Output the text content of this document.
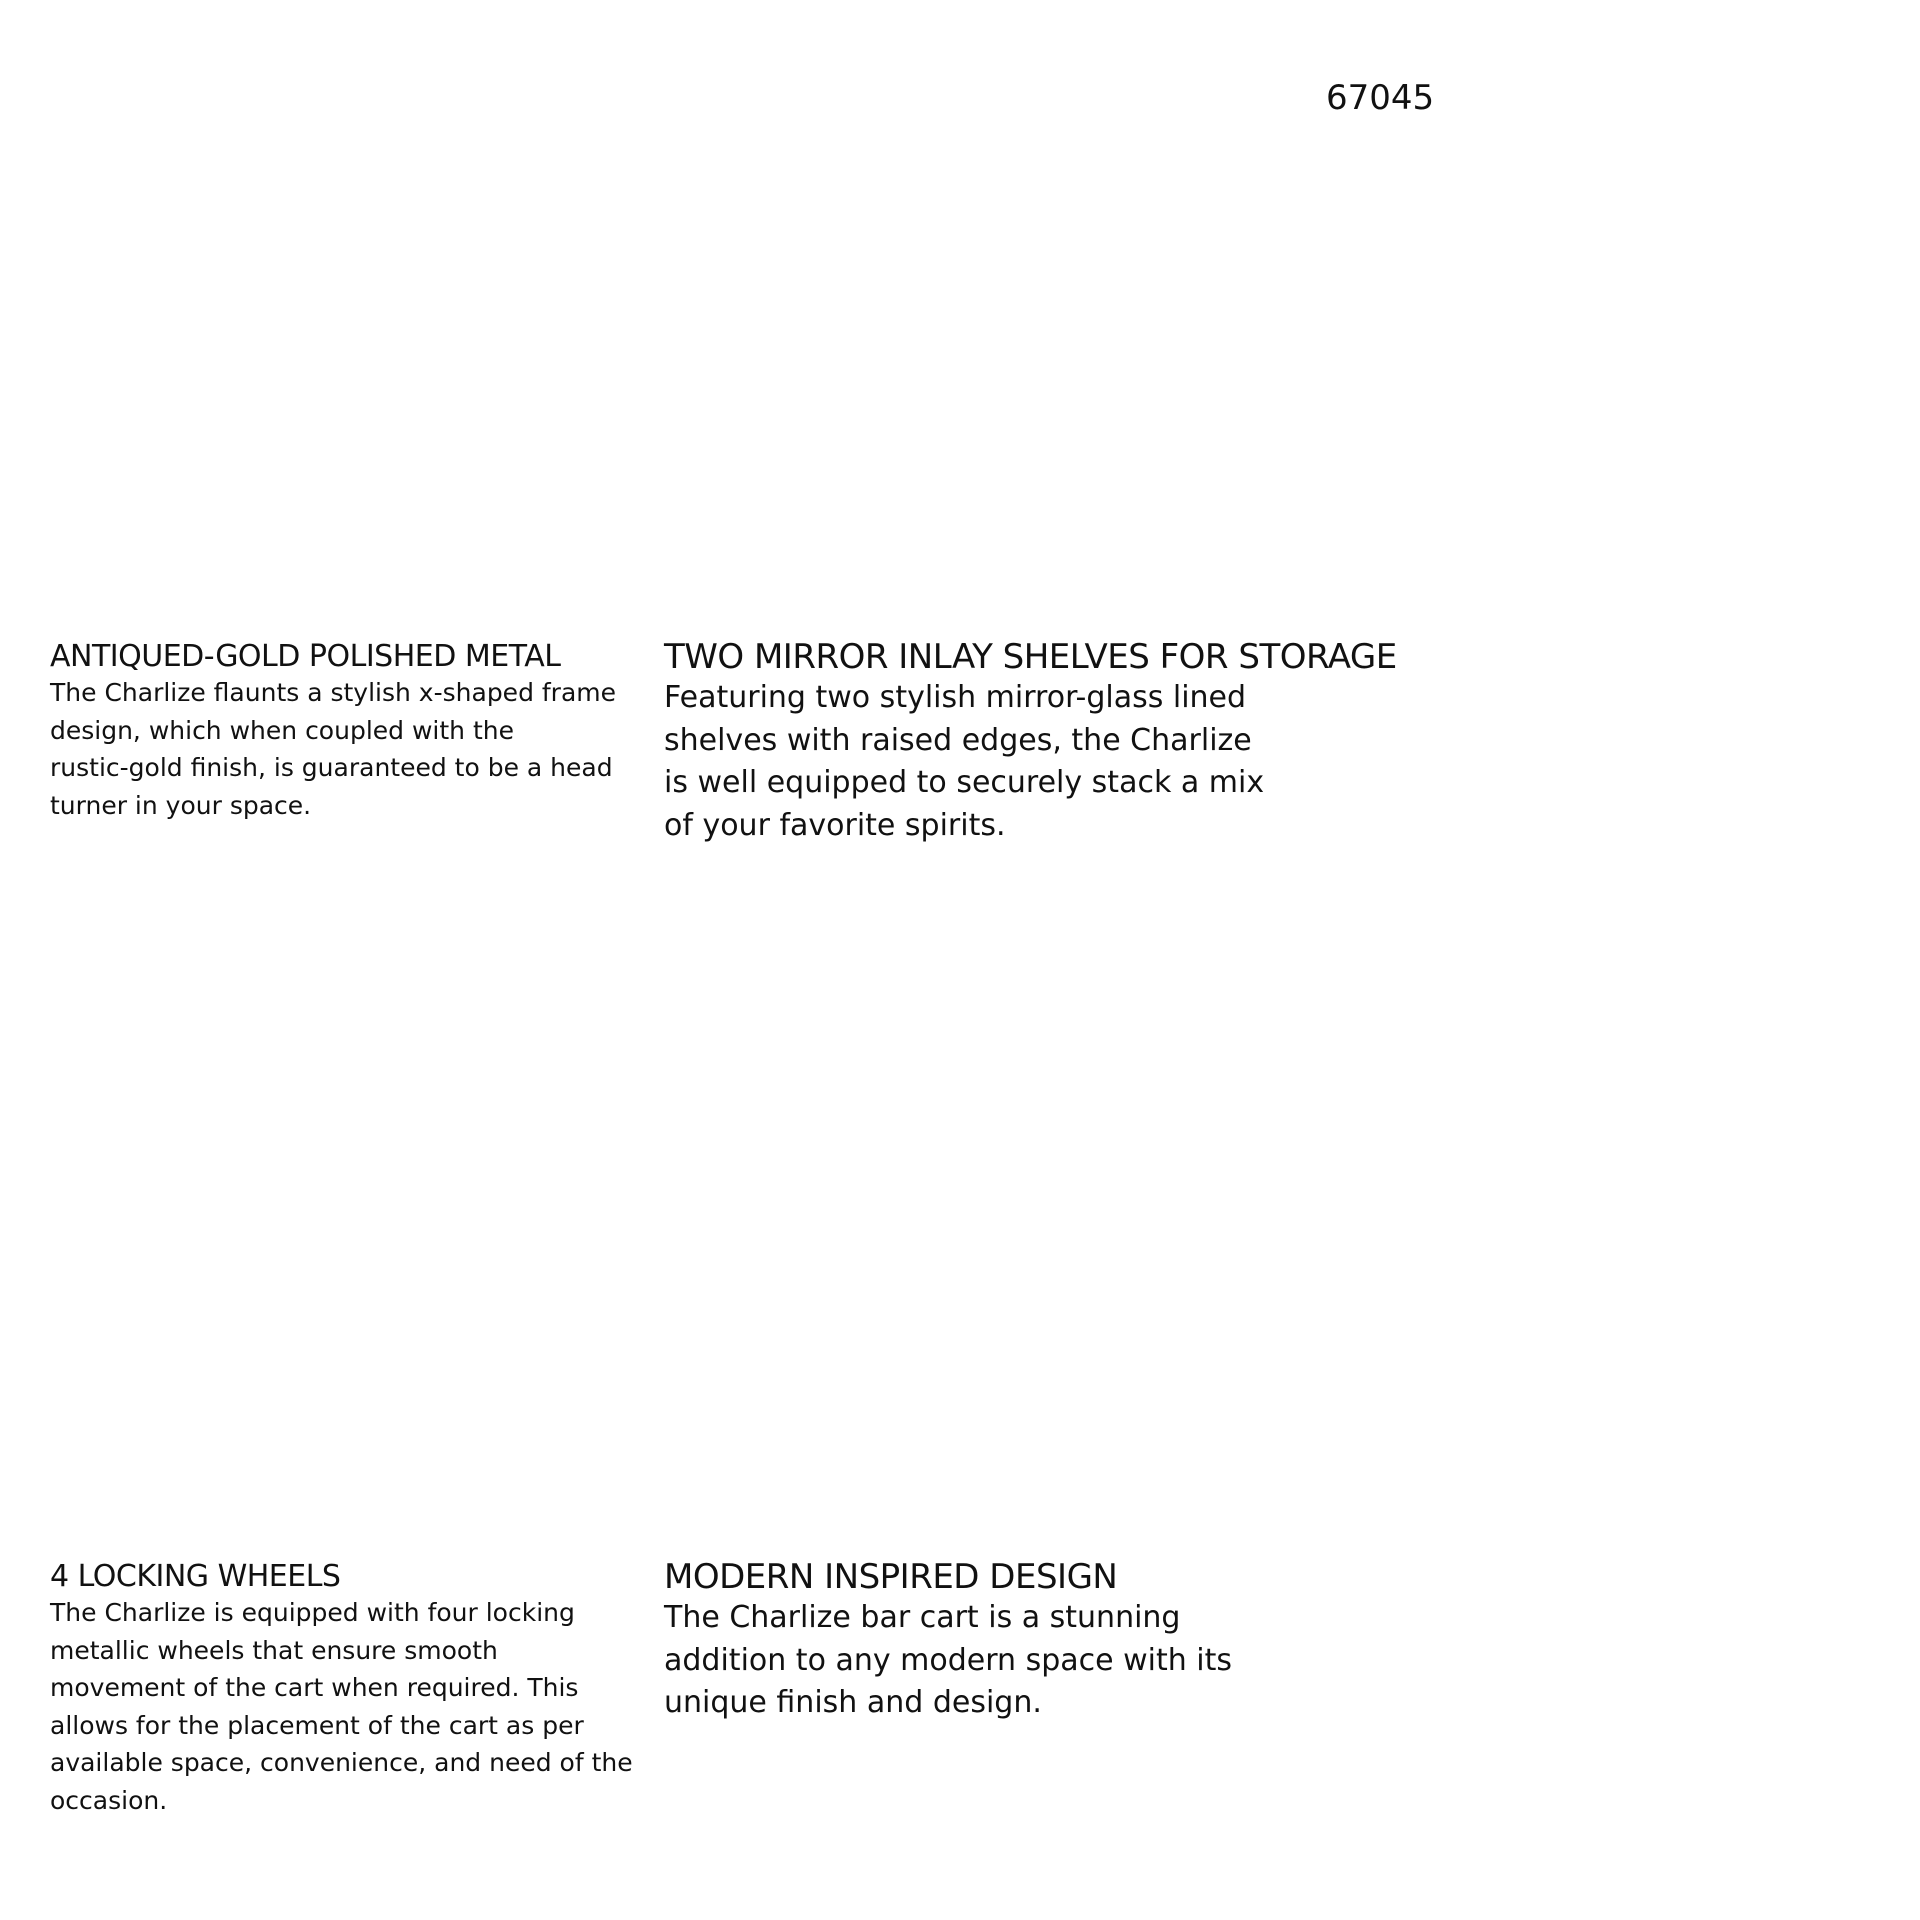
67045
ANTIQUED-GOLD POLISHED METAL

The Charlize flaunts a stylish x-shaped frame
design, which when coupled with the
rustic-gold finish, is guaranteed to be a head
turner in your space.

TWO MIRROR INLAY SHELVES FOR STORAGE

Featuring two stylish mirror-glass lined
shelves with raised edges, the Charlize
is well equipped to securely stack a mix
of your favorite spirits.

4 LOCKING WHEELS

The Charlize is equipped with four locking
metallic wheels that ensure smooth
movement of the cart when required. This
allows for the placement of the cart as per
available space, convenience, and need of the
occasion.

MODERN INSPIRED DESIGN

The Charlize bar cart is a stunning
addition to any modern space with its
unique finish and design.
